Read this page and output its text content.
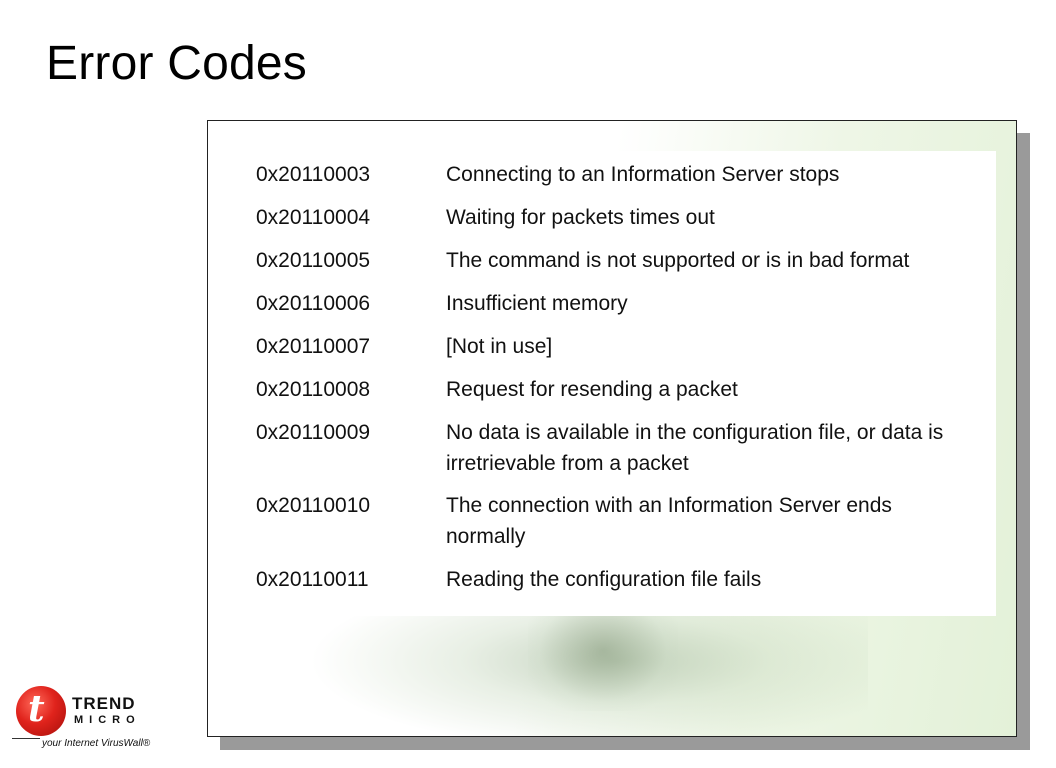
Error Codes
0x20110003	Connecting to an Information Server stops
0x20110004	Waiting for packets times out
0x20110005	The command is not supported or is in bad format
0x20110006	Insufficient memory
0x20110007	[Not in use]
0x20110008	Request for resending a packet
0x20110009	No data is available in the configuration file, or data is irretrievable from a packet
0x20110010	The connection with an Information Server ends normally
0x20110011	Reading the configuration file fails
t TREND
MICRO
your Internet VirusWall®
